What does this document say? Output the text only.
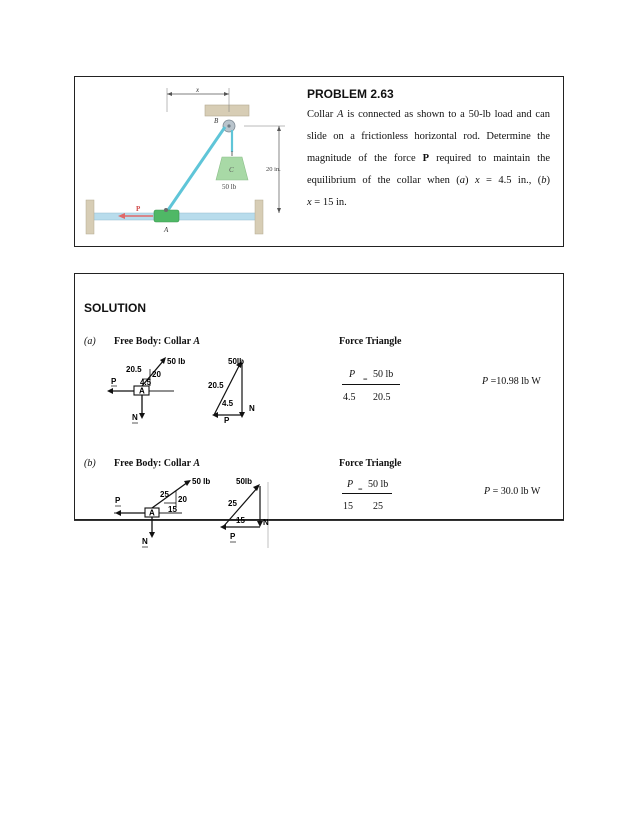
x
B
C
50 lb
20 in.
A
P
PROBLEM 2.63
Collar A is connected as shown to a 50-lb load and can
slide on a frictionless horizontal rod. Determine the
magnitude of the force P required to maintain the
equilibrium of the collar when (a) x = 4.5 in., (b)
x = 15 in.
SOLUTION
(a) Free Body: Collar A	Force Triangle
P = 50 lb
4.5 20.5
P =10.98 lb W
50 lb
20.5
20
4.5
P
A
N
50lb
20.5
4.5
P
N
(b) Free Body: Collar A	Force Triangle
P = 50 lb
15 25
P = 30.0 lb W
50 lb
25
20
15
P
A
N
50lb
25
15
P
N
